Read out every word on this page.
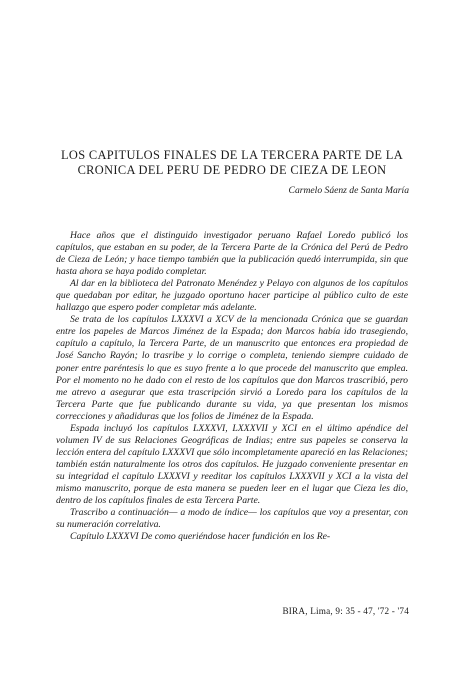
LOS CAPITULOS FINALES DE LA TERCERA PARTE DE LA
CRONICA DEL PERU DE PEDRO DE CIEZA DE LEON
Carmelo Sáenz de Santa María

Hace años que el distinguido investigador peruano Rafael Loredo publicó los capítulos, que estaban en su poder, de la Tercera Parte de la Crónica del Perú de Pedro de Cieza de León; y hace tiempo también que la publicación quedó interrumpida, sin que hasta ahora se haya podido completar.

Al dar en la biblioteca del Patronato Menéndez y Pelayo con algunos de los capítulos que quedaban por editar, he juzgado oportuno hacer participe al público culto de este hallazgo que espero poder completar más adelante.

Se trata de los capítulos LXXXVI a XCV de la mencionada Crónica que se guardan entre los papeles de Marcos Jiménez de la Espada; don Marcos había ido trasegiendo, capítulo a capítulo, la Tercera Parte, de un manuscrito que entonces era propiedad de José Sancho Rayón; lo trasribe y lo corrige o completa, teniendo siempre cuidado de poner entre paréntesis lo que es suyo frente a lo que procede del manuscrito que emplea. Por el momento no he dado con el resto de los capítulos que don Marcos trascribió, pero me atrevo a asegurar que esta trascripción sirvió a Loredo para los capítulos de la Tercera Parte que fue publicando durante su vida, ya que presentan los mismos correcciones y añadiduras que los folios de Jiménez de la Espada.

Espada incluyó los capítulos LXXXVI, LXXXVII y XCI en el último apéndice del volumen IV de sus Relaciones Geográficas de Indias; entre sus papeles se conserva la lección entera del capítulo LXXXVI que sólo incompletamente apareció en las Relaciones; también están naturalmente los otros dos capítulos. He juzgado conveniente presentar en su integridad el capítulo LXXXVI y reeditar los capítulos LXXXVII y XCI a la vista del mismo manuscrito, porque de esta manera se pueden leer en el lugar que Cieza les dio, dentro de los capítulos finales de esta Tercera Parte.

Trascribo a continuación— a modo de índice— los capítulos que voy a presentar, con su numeración correlativa.

Capítulo LXXXVI De como queriéndose hacer fundición en los Re-

BIRA, Lima, 9: 35 - 47, '72 - '74
